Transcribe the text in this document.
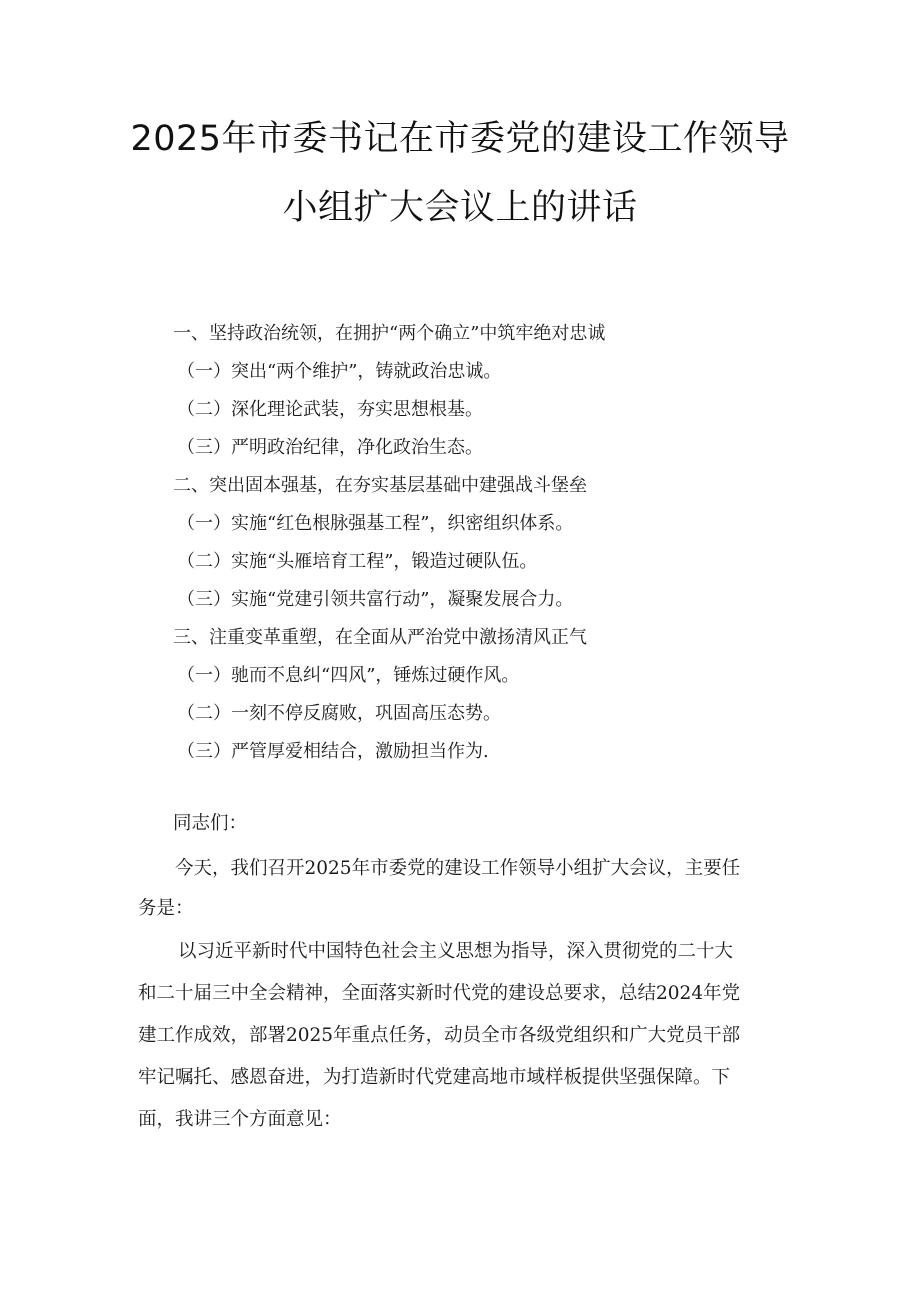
2025年市委书记在市委党的建设工作领导
小组扩大会议上的讲话
一、坚持政治统领，在拥护“两个确立”中筑牢绝对忠诚
（一）突出“两个维护”，铸就政治忠诚。
（二）深化理论武装，夯实思想根基。
（三）严明政治纪律，净化政治生态。
二、突出固本强基，在夯实基层基础中建强战斗堡垒
（一）实施“红色根脉强基工程”，织密组织体系。
（二）实施“头雁培育工程”，锻造过硬队伍。
（三）实施“党建引领共富行动”，凝聚发展合力。
三、注重变革重塑，在全面从严治党中激扬清风正气
（一）驰而不息纠“四风”，锤炼过硬作风。
（二）一刻不停反腐败，巩固高压态势。
（三）严管厚爱相结合，激励担当作为.
同志们：
今天，我们召开2025年市委党的建设工作领导小组扩大会议，主要任
务是：
以习近平新时代中国特色社会主义思想为指导，深入贯彻党的二十大
和二十届三中全会精神，全面落实新时代党的建设总要求，总结2024年党
建工作成效，部署2025年重点任务，动员全市各级党组织和广大党员干部
牢记嘱托、感恩奋进，为打造新时代党建高地市域样板提供坚强保障。下
面，我讲三个方面意见：
